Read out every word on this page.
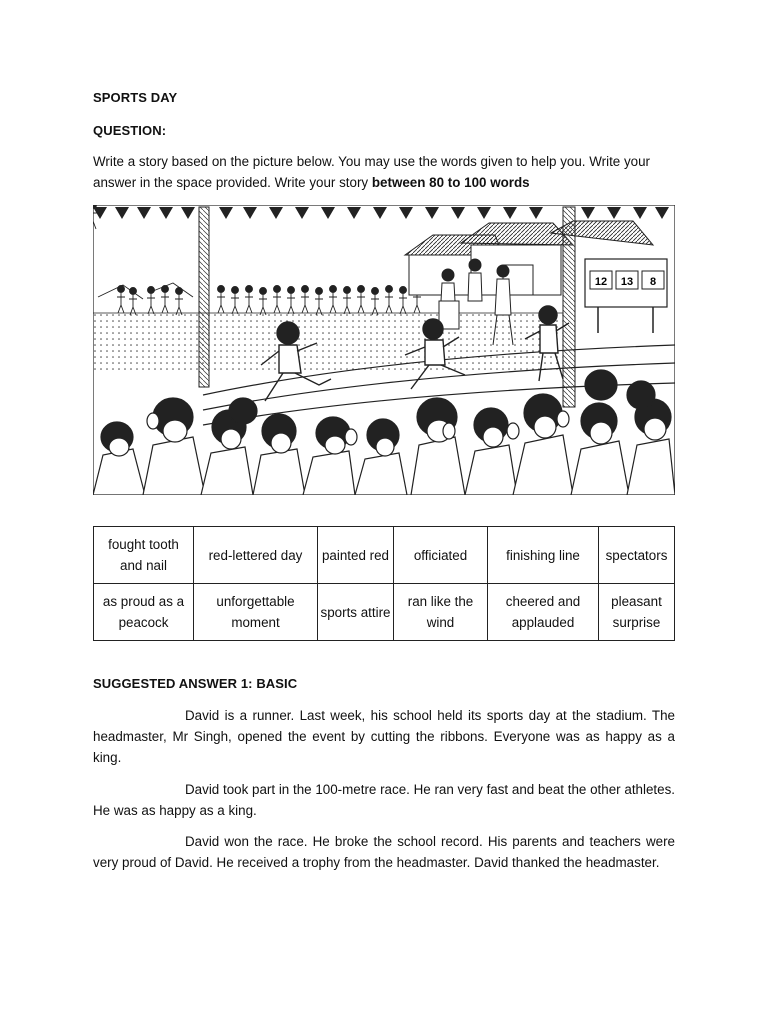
SPORTS DAY
QUESTION:
Write a story based on the picture below. You may use the words given to help you. Write your answer in the space provided. Write your story between 80 to 100 words
12 13 8
fought tooth and nail	red-lettered day	painted red	officiated	finishing line	spectators
as proud as a peacock	unforgettable moment	sports attire	ran like the wind	cheered and applauded	pleasant surprise
SUGGESTED ANSWER 1: BASIC
David is a runner. Last week, his school held its sports day at the stadium. The headmaster, Mr Singh, opened the event by cutting the ribbons. Everyone was as happy as a king.
David took part in the 100-metre race. He ran very fast and beat the other athletes. He was as happy as a king.
David won the race. He broke the school record. His parents and teachers were very proud of David. He received a trophy from the headmaster. David thanked the headmaster.
